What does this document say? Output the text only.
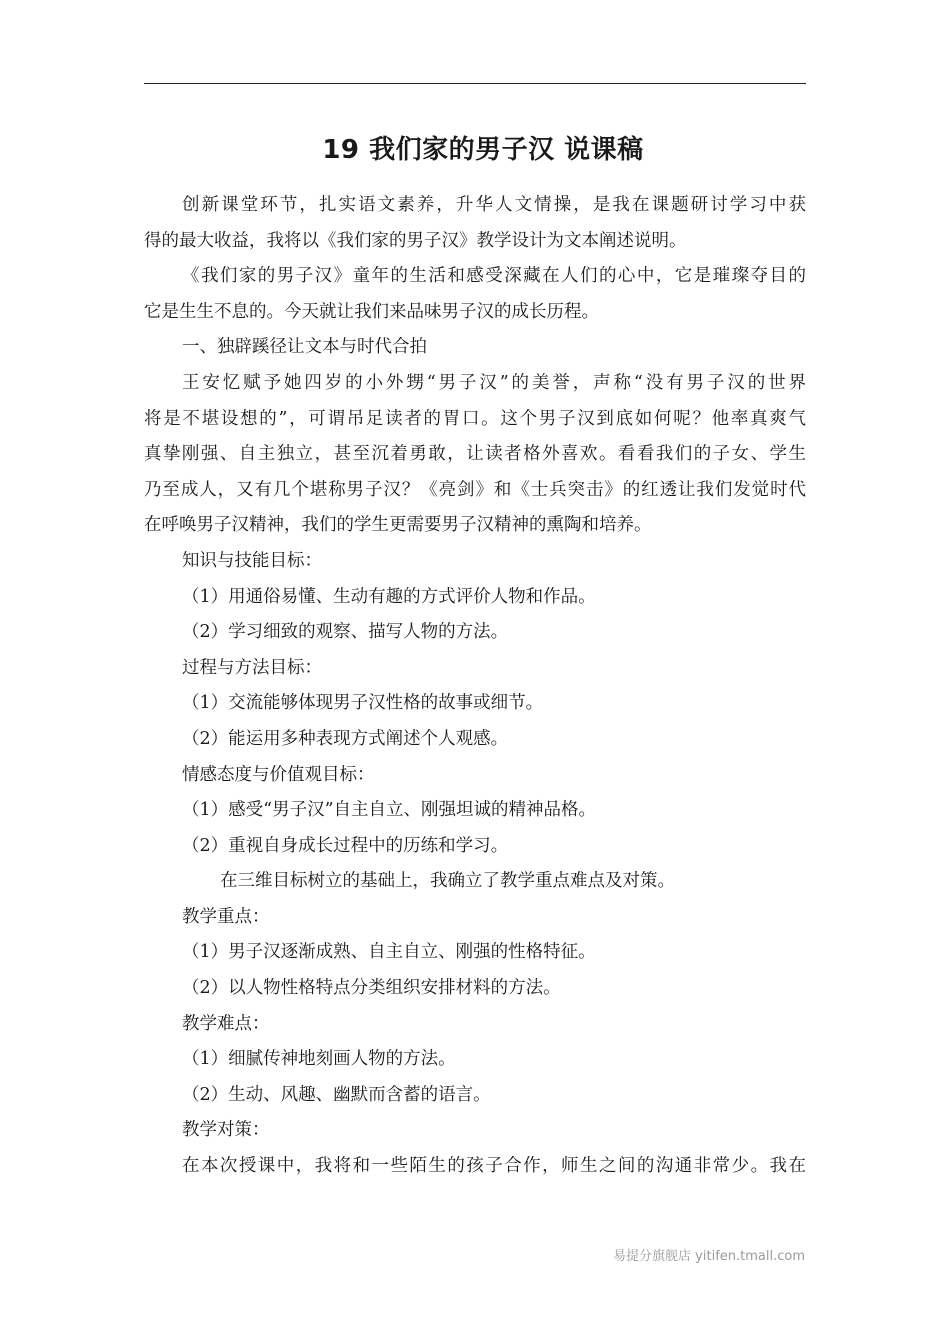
19 我们家的男子汉 说课稿
创新课堂环节，扎实语文素养，升华人文情操，是我在课题研讨学习中获
得的最大收益，我将以《我们家的男子汉》教学设计为文本阐述说明。
《我们家的男子汉》童年的生活和感受深藏在人们的心中，它是璀璨夺目的
它是生生不息的。今天就让我们来品味男子汉的成长历程。
一、独辟蹊径让文本与时代合拍
王安忆赋予她四岁的小外甥“男子汉”的美誉，声称“没有男子汉的世界
将是不堪设想的”，可谓吊足读者的胃口。这个男子汉到底如何呢？他率真爽气
真挚刚强、自主独立，甚至沉着勇敢，让读者格外喜欢。看看我们的子女、学生
乃至成人，又有几个堪称男子汉？《亮剑》和《士兵突击》的红透让我们发觉时代
在呼唤男子汉精神，我们的学生更需要男子汉精神的熏陶和培养。
知识与技能目标：
（1）用通俗易懂、生动有趣的方式评价人物和作品。
（2）学习细致的观察、描写人物的方法。
过程与方法目标：
（1）交流能够体现男子汉性格的故事或细节。
（2）能运用多种表现方式阐述个人观感。
情感态度与价值观目标：
（1）感受“男子汉”自主自立、刚强坦诚的精神品格。
（2）重视自身成长过程中的历练和学习。
在三维目标树立的基础上，我确立了教学重点难点及对策。
教学重点：
（1）男子汉逐渐成熟、自主自立、刚强的性格特征。
（2）以人物性格特点分类组织安排材料的方法。
教学难点：
（1）细腻传神地刻画人物的方法。
（2）生动、风趣、幽默而含蓄的语言。
教学对策：
在本次授课中，我将和一些陌生的孩子合作，师生之间的沟通非常少。我在
易提分旗舰店 yitifen.tmall.com
